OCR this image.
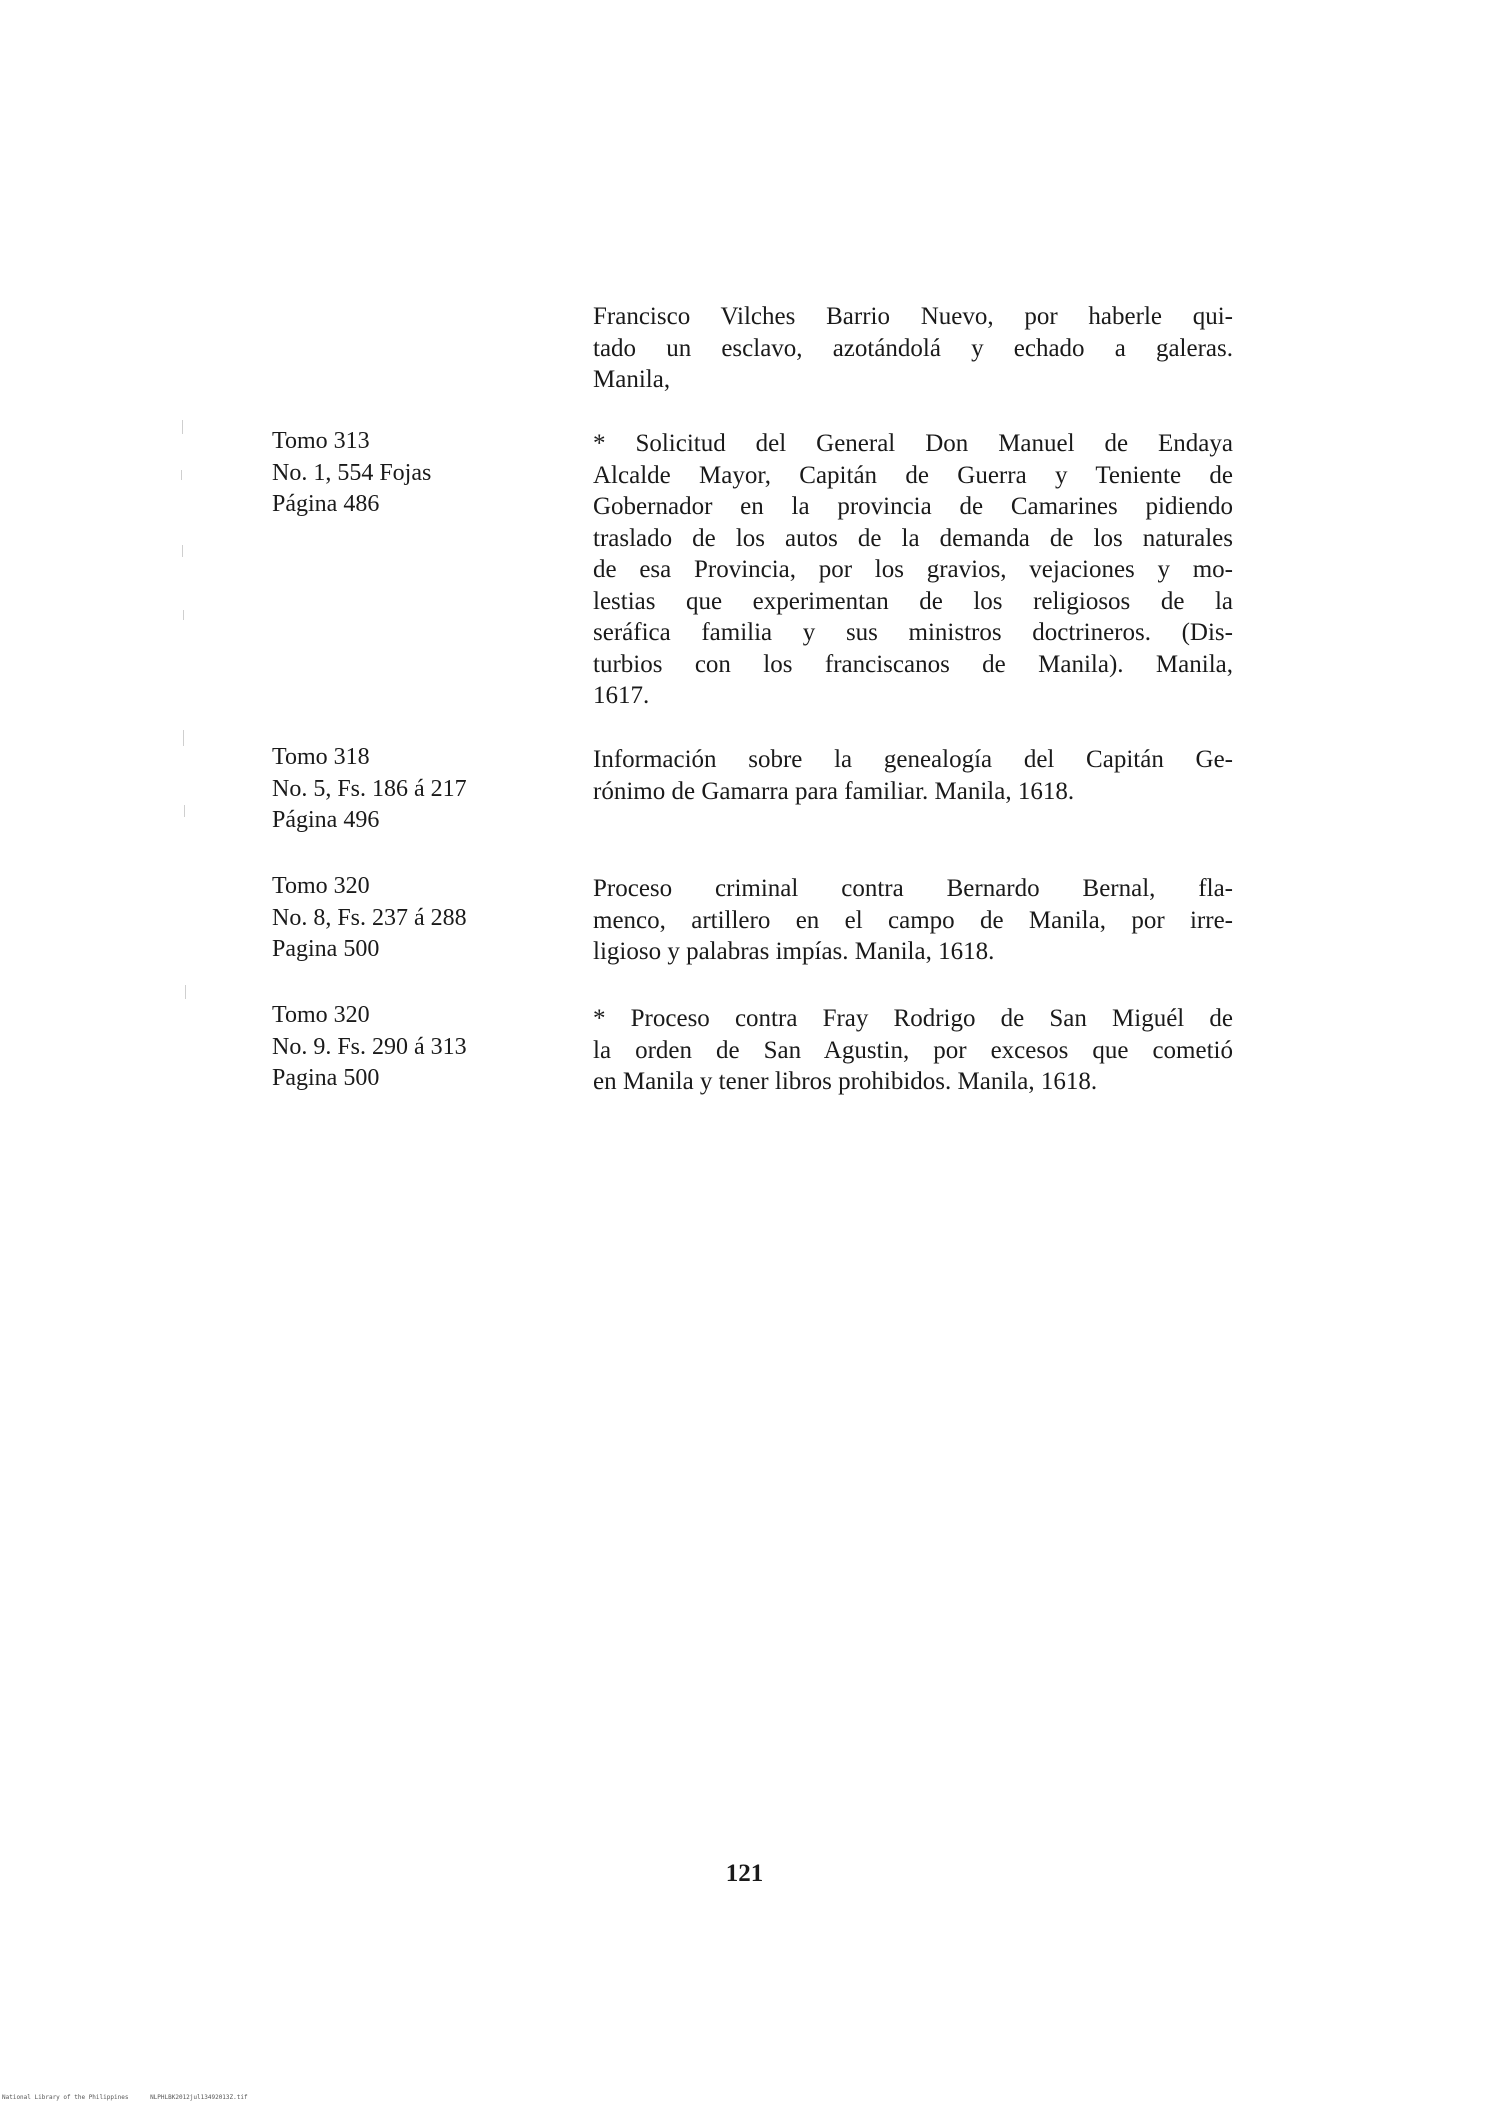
Francisco Vilches Barrio Nuevo, por haberle qui-
tado un esclavo, azotándolá y echado a galeras.
Manila,
Tomo 313
No. 1, 554 Fojas
Página 486
* Solicitud del General Don Manuel de Endaya
Alcalde Mayor, Capitán de Guerra y Teniente de
Gobernador en la provincia de Camarines pidiendo
traslado de los autos de la demanda de los naturales
de esa Provincia, por los gravios, vejaciones y mo-
lestias que experimentan de los religiosos de la
seráfica familia y sus ministros doctrineros. (Dis-
turbios con los franciscanos de Manila). Manila,
1617.
Tomo 318
No. 5, Fs. 186 á 217
Página 496
Información sobre la genealogía del Capitán Ge-
rónimo de Gamarra para familiar. Manila, 1618.
Tomo 320
No. 8, Fs. 237 á 288
Pagina 500
Proceso criminal contra Bernardo Bernal, fla-
menco, artillero en el campo de Manila, por irre-
ligioso y palabras impías. Manila, 1618.
Tomo 320
No. 9. Fs. 290 á 313
Pagina 500
* Proceso contra Fray Rodrigo de San Miguél de
la orden de San Agustin, por excesos que cometió
en Manila y tener libros prohibidos. Manila, 1618.
121
National Library of the Philippines	NLPHLBK2012jul13492013Z.tif
